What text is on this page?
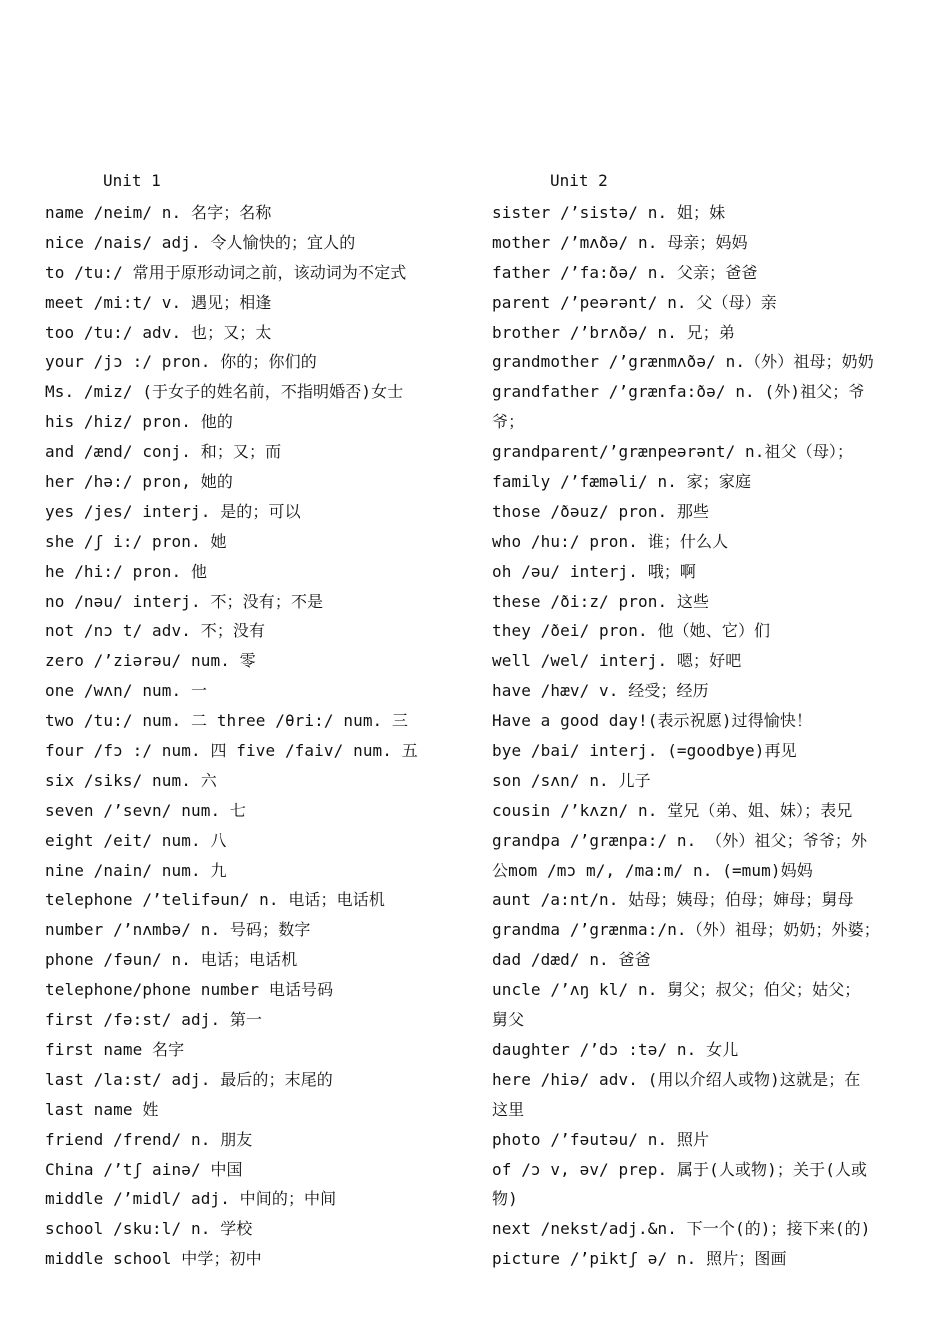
Unit 1
name /neim/ n. 名字；名称
nice /nais/ adj. 令人愉快的；宜人的
to /tu:/ 常用于原形动词之前，该动词为不定式
meet /mi:t/ v. 遇见；相逢
too /tu:/ adv. 也；又；太
your /jɔ :/ pron. 你的；你们的
Ms. /miz/ (于女子的姓名前，不指明婚否)女士
his /hiz/ pron. 他的
and /ænd/ conj. 和；又；而
her /hə:/ pron, 她的
yes /jes/ interj. 是的；可以
she /ʃ i:/ pron. 她
he /hi:/ pron. 他
no /nəu/ interj. 不；没有；不是
not /nɔ t/ adv. 不；没有
zero /’ziərəu/ num. 零
one /wʌn/ num. 一
two /tu:/ num. 二 three /θri:/ num. 三
four /fɔ :/ num. 四 five /faiv/ num. 五
six /siks/ num. 六
seven /’sevn/ num. 七
eight /eit/ num. 八
nine /nain/ num. 九
telephone /’telifəun/ n. 电话；电话机
number /’nʌmbə/ n. 号码；数字
phone /fəun/ n. 电话；电话机
telephone/phone number 电话号码
first /fə:st/ adj. 第一
first name 名字
last /la:st/ adj. 最后的；末尾的
last name 姓
friend /frend/ n. 朋友
China /’tʃ ainə/ 中国
middle /’midl/ adj. 中间的；中间
school /sku:l/ n. 学校
middle school 中学；初中
Unit 2
sister /’sistə/ n. 姐；妹
mother /’mʌðə/ n. 母亲；妈妈
father /’fa:ðə/ n. 父亲；爸爸
parent /’peərənt/ n. 父（母）亲
brother /’brʌðə/ n. 兄；弟
grandmother /’grænmʌðə/ n.（外）祖母；奶奶
grandfather /’grænfa:ðə/ n. (外)祖父；爷
爷；
grandparent/’grænpeərənt/ n.祖父（母）；
family /’fæməli/ n. 家；家庭
those /ðəuz/ pron. 那些
who /hu:/ pron. 谁；什么人
oh /əu/ interj. 哦；啊
these /ði:z/ pron. 这些
they /ðei/ pron. 他（她、它）们
well /wel/ interj. 嗯；好吧
have /hæv/ v. 经受；经历
Have a good day!(表示祝愿)过得愉快！
bye /bai/ interj. (=goodbye)再见
son /sʌn/ n. 儿子
cousin /’kʌzn/ n. 堂兄（弟、姐、妹）；表兄
grandpa /’grænpa:/ n. （外）祖父；爷爷；外
公mom /mɔ m/, /ma:m/ n. (=mum)妈妈
aunt /a:nt/n. 姑母；姨母；伯母；婶母；舅母
grandma /’grænma:/n.（外）祖母；奶奶；外婆；
dad /dæd/ n. 爸爸
uncle /’ʌŋ kl/ n. 舅父；叔父；伯父；姑父；
舅父
daughter /’dɔ :tə/ n. 女儿
here /hiə/ adv. (用以介绍人或物)这就是；在
这里
photo /’fəutəu/ n. 照片
of /ɔ v, əv/ prep. 属于(人或物)；关于(人或
物)
next /nekst/adj.&n. 下一个(的)；接下来(的)
picture /’piktʃ ə/ n. 照片；图画
